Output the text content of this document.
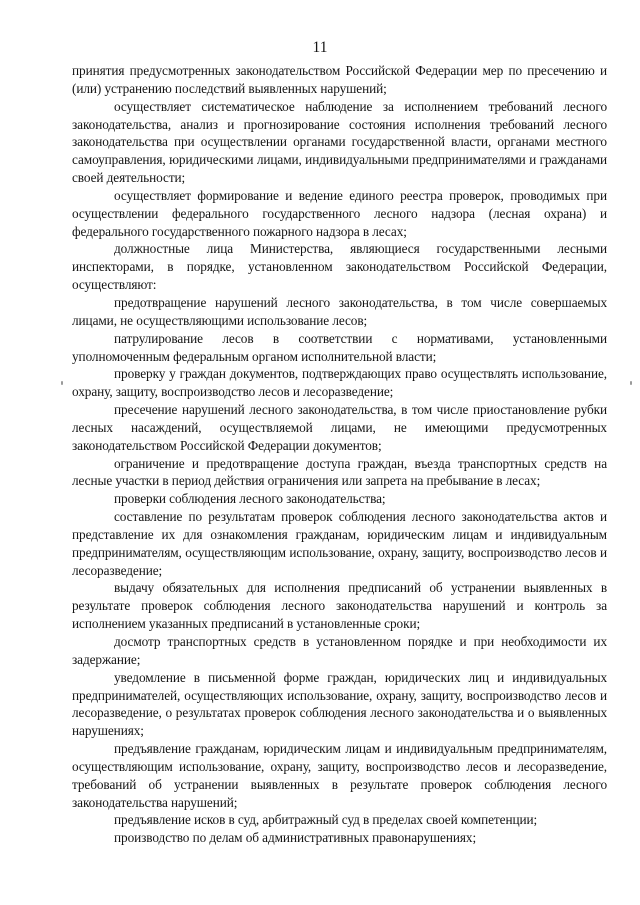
11

принятия предусмотренных законодательством Российской Федерации мер по пресечению и (или) устранению последствий выявленных нарушений;

осуществляет систематическое наблюдение за исполнением требований лесного законодательства, анализ и прогнозирование состояния исполнения требований лесного законодательства при осуществлении органами государственной власти, органами местного самоуправления, юридическими лицами, индивидуальными предпринимателями и гражданами своей деятельности;

осуществляет формирование и ведение единого реестра проверок, проводимых при осуществлении федерального государственного лесного надзора (лесная охрана) и федерального государственного пожарного надзора в лесах;

должностные лица Министерства, являющиеся государственными лесными инспекторами, в порядке, установленном законодательством Российской Федерации, осуществляют:

предотвращение нарушений лесного законодательства, в том числе совершаемых лицами, не осуществляющими использование лесов;

патрулирование лесов в соответствии с нормативами, установленными уполномоченным федеральным органом исполнительной власти;

проверку у граждан документов, подтверждающих право осуществлять использование, охрану, защиту, воспроизводство лесов и лесоразведение;

пресечение нарушений лесного законодательства, в том числе приостановление рубки лесных насаждений, осуществляемой лицами, не имеющими предусмотренных законодательством Российской Федерации документов;

ограничение и предотвращение доступа граждан, въезда транспортных средств на лесные участки в период действия ограничения или запрета на пребывание в лесах;

проверки соблюдения лесного законодательства;

составление по результатам проверок соблюдения лесного законодательства актов и представление их для ознакомления гражданам, юридическим лицам и индивидуальным предпринимателям, осуществляющим использование, охрану, защиту, воспроизводство лесов и лесоразведение;

выдачу обязательных для исполнения предписаний об устранении выявленных в результате проверок соблюдения лесного законодательства нарушений и контроль за исполнением указанных предписаний в установленные сроки;

досмотр транспортных средств в установленном порядке и при необходимости их задержание;

уведомление в письменной форме граждан, юридических лиц и индивидуальных предпринимателей, осуществляющих использование, охрану, защиту, воспроизводство лесов и лесоразведение, о результатах проверок соблюдения лесного законодательства и о выявленных нарушениях;

предъявление гражданам, юридическим лицам и индивидуальным предпринимателям, осуществляющим использование, охрану, защиту, воспроизводство лесов и лесоразведение, требований об устранении выявленных в результате проверок соблюдения лесного законодательства нарушений;

предъявление исков в суд, арбитражный суд в пределах своей компетенции;

производство по делам об административных правонарушениях;
